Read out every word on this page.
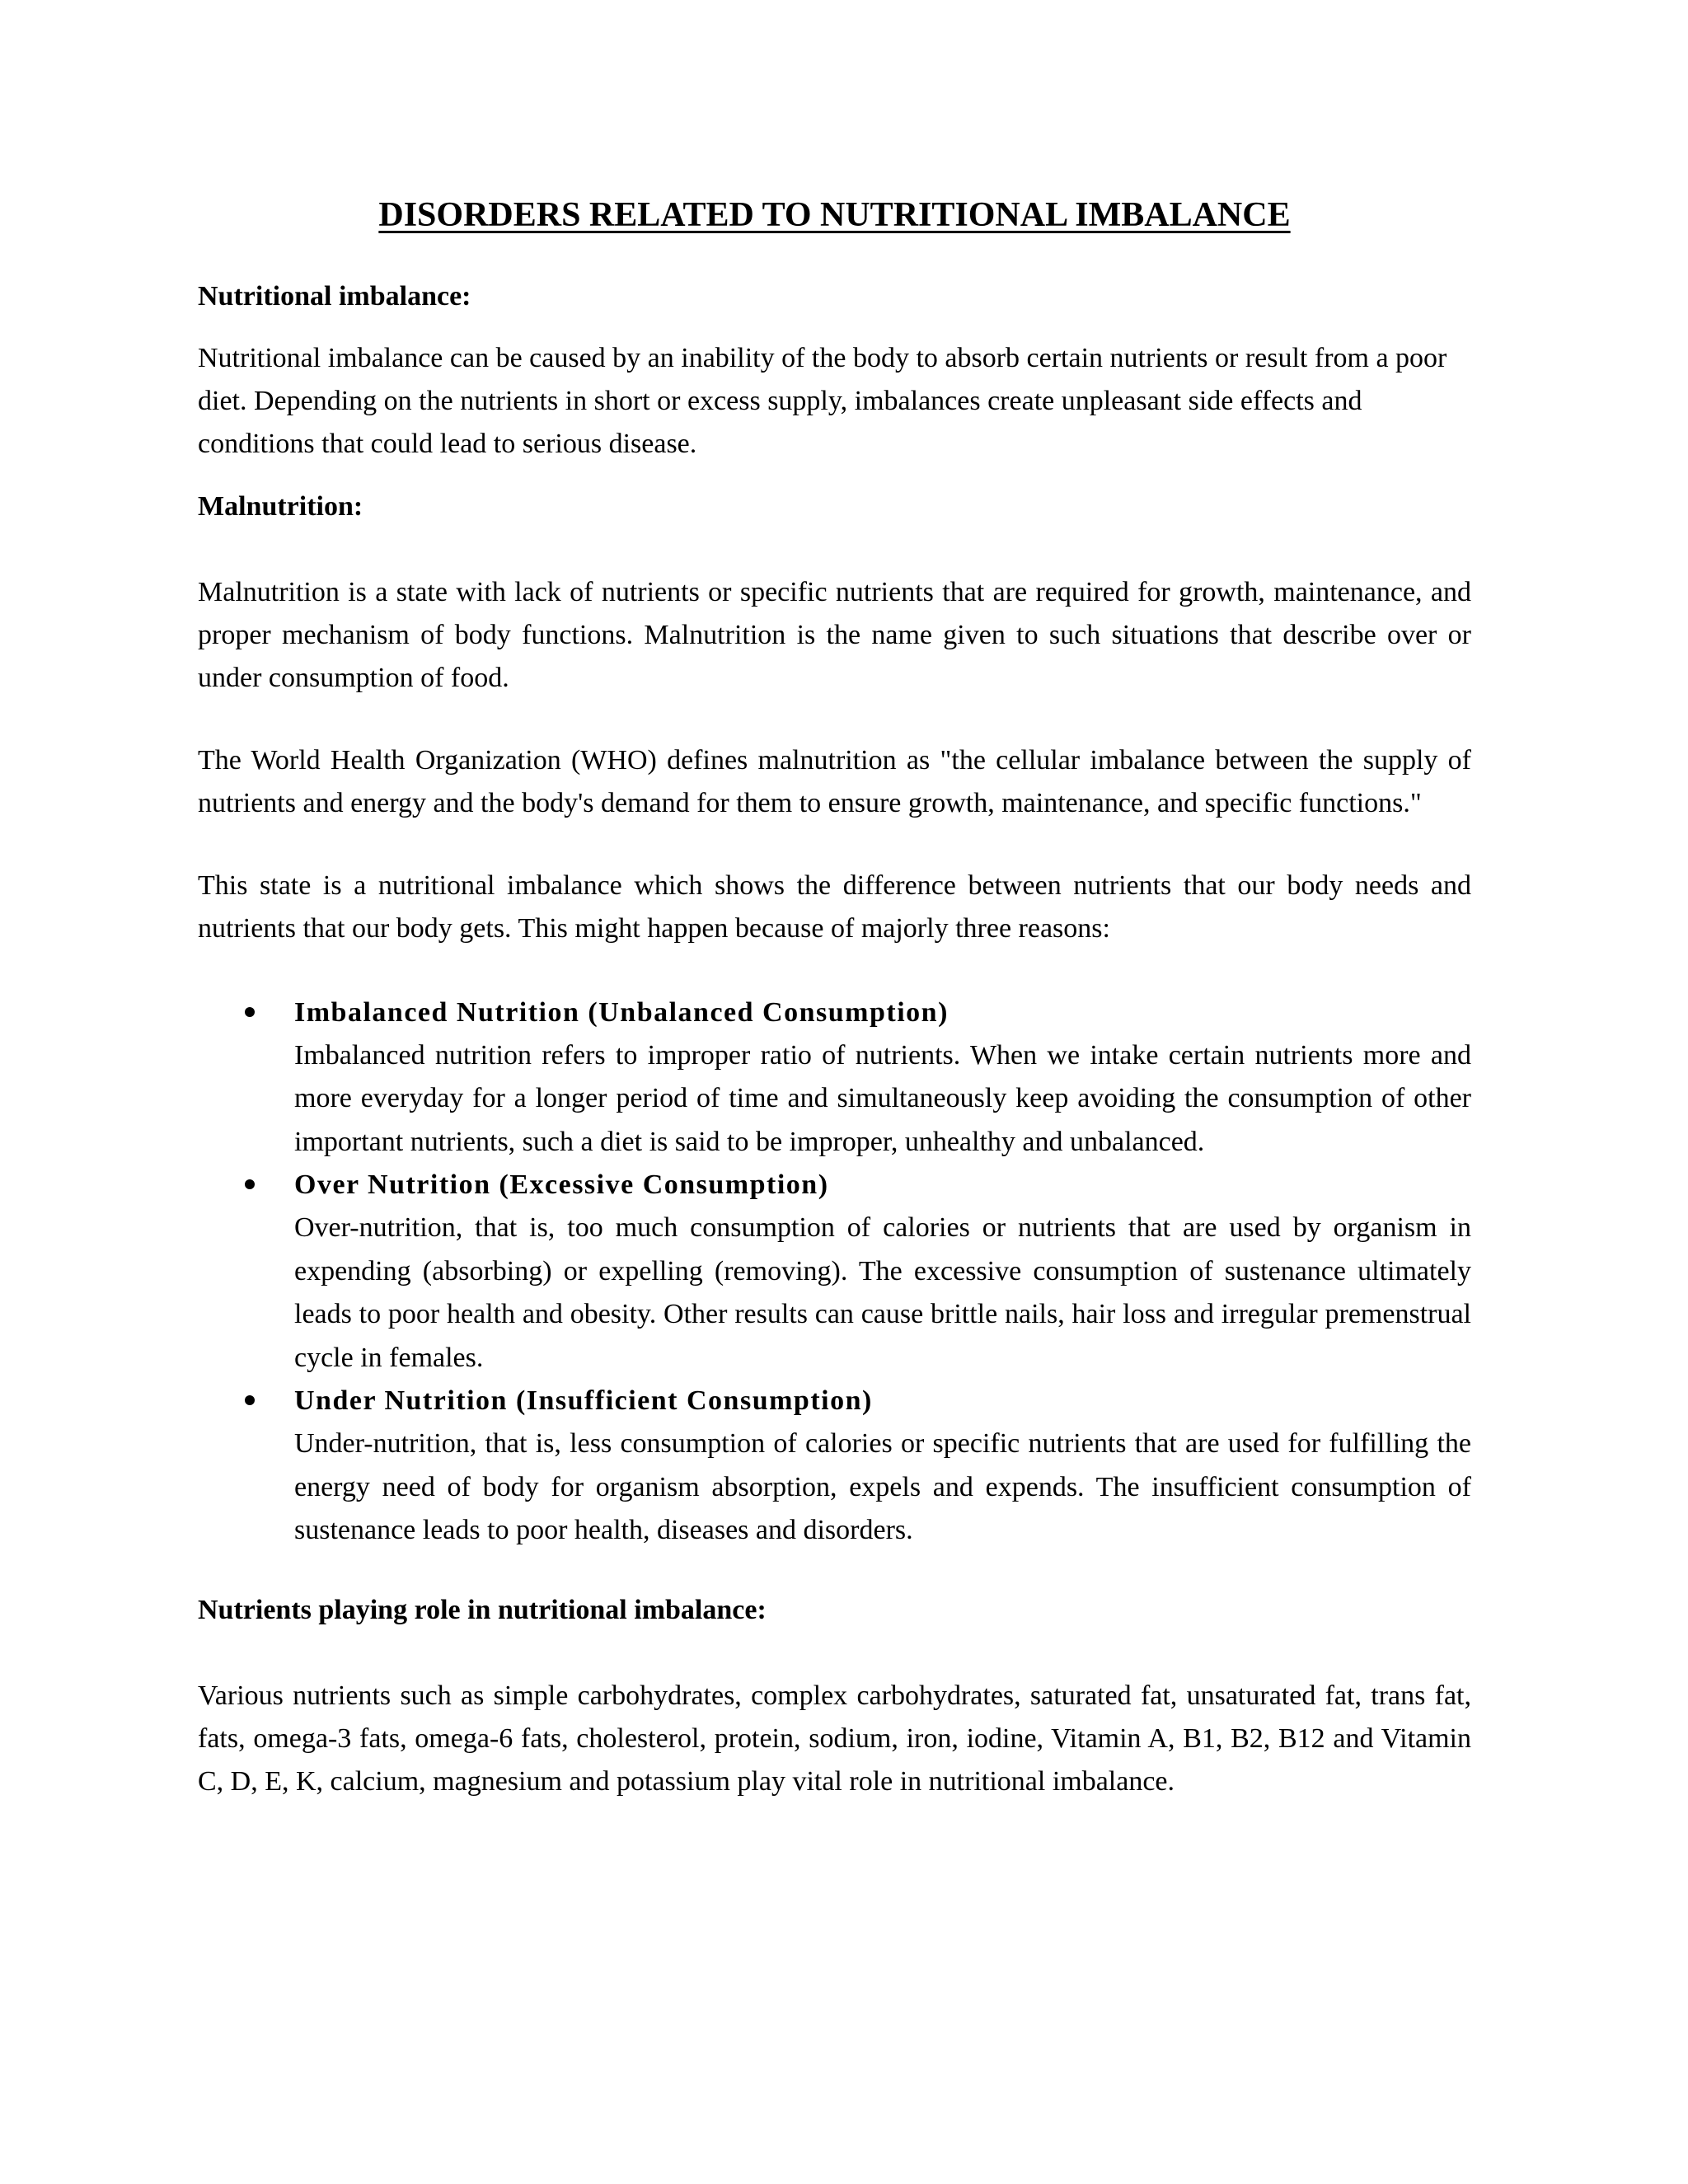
DISORDERS RELATED TO NUTRITIONAL IMBALANCE
Nutritional imbalance:

Nutritional imbalance can be caused by an inability of the body to absorb certain nutrients or result from a poor diet. Depending on the nutrients in short or excess supply, imbalances create unpleasant side effects and conditions that could lead to serious disease.

Malnutrition:

Malnutrition is a state with lack of nutrients or specific nutrients that are required for growth, maintenance, and proper mechanism of body functions. Malnutrition is the name given to such situations that describe over or under consumption of food.

The World Health Organization (WHO) defines malnutrition as "the cellular imbalance between the supply of nutrients and energy and the body's demand for them to ensure growth, maintenance, and specific functions."

This state is a nutritional imbalance which shows the difference between nutrients that our body needs and nutrients that our body gets. This might happen because of majorly three reasons:

Imbalanced Nutrition (Unbalanced Consumption)

Imbalanced nutrition refers to improper ratio of nutrients. When we intake certain nutrients more and more everyday for a longer period of time and simultaneously keep avoiding the consumption of other important nutrients, such a diet is said to be improper, unhealthy and unbalanced.

Over Nutrition (Excessive Consumption)

Over-nutrition, that is, too much consumption of calories or nutrients that are used by organism in expending (absorbing) or expelling (removing). The excessive consumption of sustenance ultimately leads to poor health and obesity. Other results can cause brittle nails, hair loss and irregular premenstrual cycle in females.

Under Nutrition (Insufficient Consumption)

Under-nutrition, that is, less consumption of calories or specific nutrients that are used for fulfilling the energy need of body for organism absorption, expels and expends. The insufficient consumption of sustenance leads to poor health, diseases and disorders.

Nutrients playing role in nutritional imbalance:

Various nutrients such as simple carbohydrates, complex carbohydrates, saturated fat, unsaturated fat, trans fat, fats, omega-3 fats, omega-6 fats, cholesterol, protein, sodium, iron, iodine, Vitamin A, B1, B2, B12 and Vitamin C, D, E, K, calcium, magnesium and potassium play vital role in nutritional imbalance.
